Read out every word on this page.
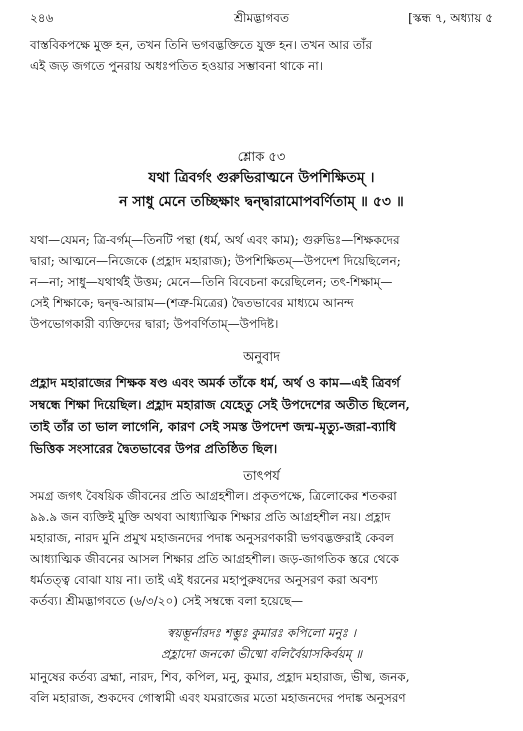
২৪৬	শ্রীমদ্ভাগবত	[স্কন্ধ ৭, অধ্যায় ৫
বাস্তবিকপক্ষে মুক্ত হন, তখন তিনি ভগবদ্ভক্তিতে যুক্ত হন। তখন আর তাঁর
এই জড় জগতে পুনরায় অধঃপতিত হওয়ার সম্ভাবনা থাকে না।
শ্লোক ৫৩
যথা ত্রিবর্গং গুরুভিরাত্মনে উপশিক্ষিতম্ ।
ন সাধু মেনে তচ্ছিক্ষাং দ্বন্দ্বারামোপবর্ণিতাম্ ॥ ৫৩ ॥
যথা—যেমন; ত্রি-বর্গম্—তিনটি পন্থা (ধর্ম, অর্থ এবং কাম); গুরুভিঃ—শিক্ষকদের
দ্বারা; আত্মনে—নিজেকে (প্রহ্লাদ মহারাজ); উপশিক্ষিতম্—উপদেশ দিয়েছিলেন;
ন—না; সাধু—যথার্থই উত্তম; মেনে—তিনি বিবেচনা করেছিলেন; তৎ-শিক্ষাম্—
সেই শিক্ষাকে; দ্বন্দ্ব-আরাম—(শত্রু-মিত্রের) দ্বৈতভাবের মাধ্যমে আনন্দ
উপভোগকারী ব্যক্তিদের দ্বারা; উপবর্ণিতাম্—উপদিষ্ট।
অনুবাদ
প্রহ্লাদ মহারাজের শিক্ষক ষণ্ড এবং অমর্ক তাঁকে ধর্ম, অর্থ ও কাম—এই ত্রিবর্গ
সম্বন্ধে শিক্ষা দিয়েছিল। প্রহ্লাদ মহারাজ যেহেতু সেই উপদেশের অতীত ছিলেন,
তাই তাঁর তা ভাল লাগেনি, কারণ সেই সমস্ত উপদেশ জন্ম-মৃত্যু-জরা-ব্যাধি
ভিত্তিক সংসারের দ্বৈতভাবের উপর প্রতিষ্ঠিত ছিল।
তাৎপর্য
সমগ্র জগৎ বৈষয়িক জীবনের প্রতি আগ্রহশীল। প্রকৃতপক্ষে, ত্রিলোকের শতকরা
৯৯.৯ জন ব্যক্তিই মুক্তি অথবা আধ্যাত্মিক শিক্ষার প্রতি আগ্রহশীল নয়। প্রহ্লাদ
মহারাজ, নারদ মুনি প্রমুখ মহাজনদের পদাঙ্ক অনুসরণকারী ভগবদ্ভক্তরাই কেবল
আধ্যাত্মিক জীবনের আসল শিক্ষার প্রতি আগ্রহশীল। জড়-জাগতিক স্তরে থেকে
ধর্মতত্ত্ব বোঝা যায় না। তাই এই ধরনের মহাপুরুষদের অনুসরণ করা অবশ্য
কর্তব্য। শ্রীমদ্ভাগবতে (৬/৩/২০) সেই সম্বন্ধে বলা হয়েছে—
স্বয়ম্ভূর্নারদঃ শম্ভুঃ কুমারঃ কপিলো মনুঃ ।
প্রহ্লাদো জনকো ভীষ্মো বলির্বৈয়াসকির্বয়ম্ ॥
মানুষের কর্তব্য ব্রহ্মা, নারদ, শিব, কপিল, মনু, কুমার, প্রহ্লাদ মহারাজ, ভীষ্ম, জনক,
বলি মহারাজ, শুকদেব গোস্বামী এবং যমরাজের মতো মহাজনদের পদাঙ্ক অনুসরণ
